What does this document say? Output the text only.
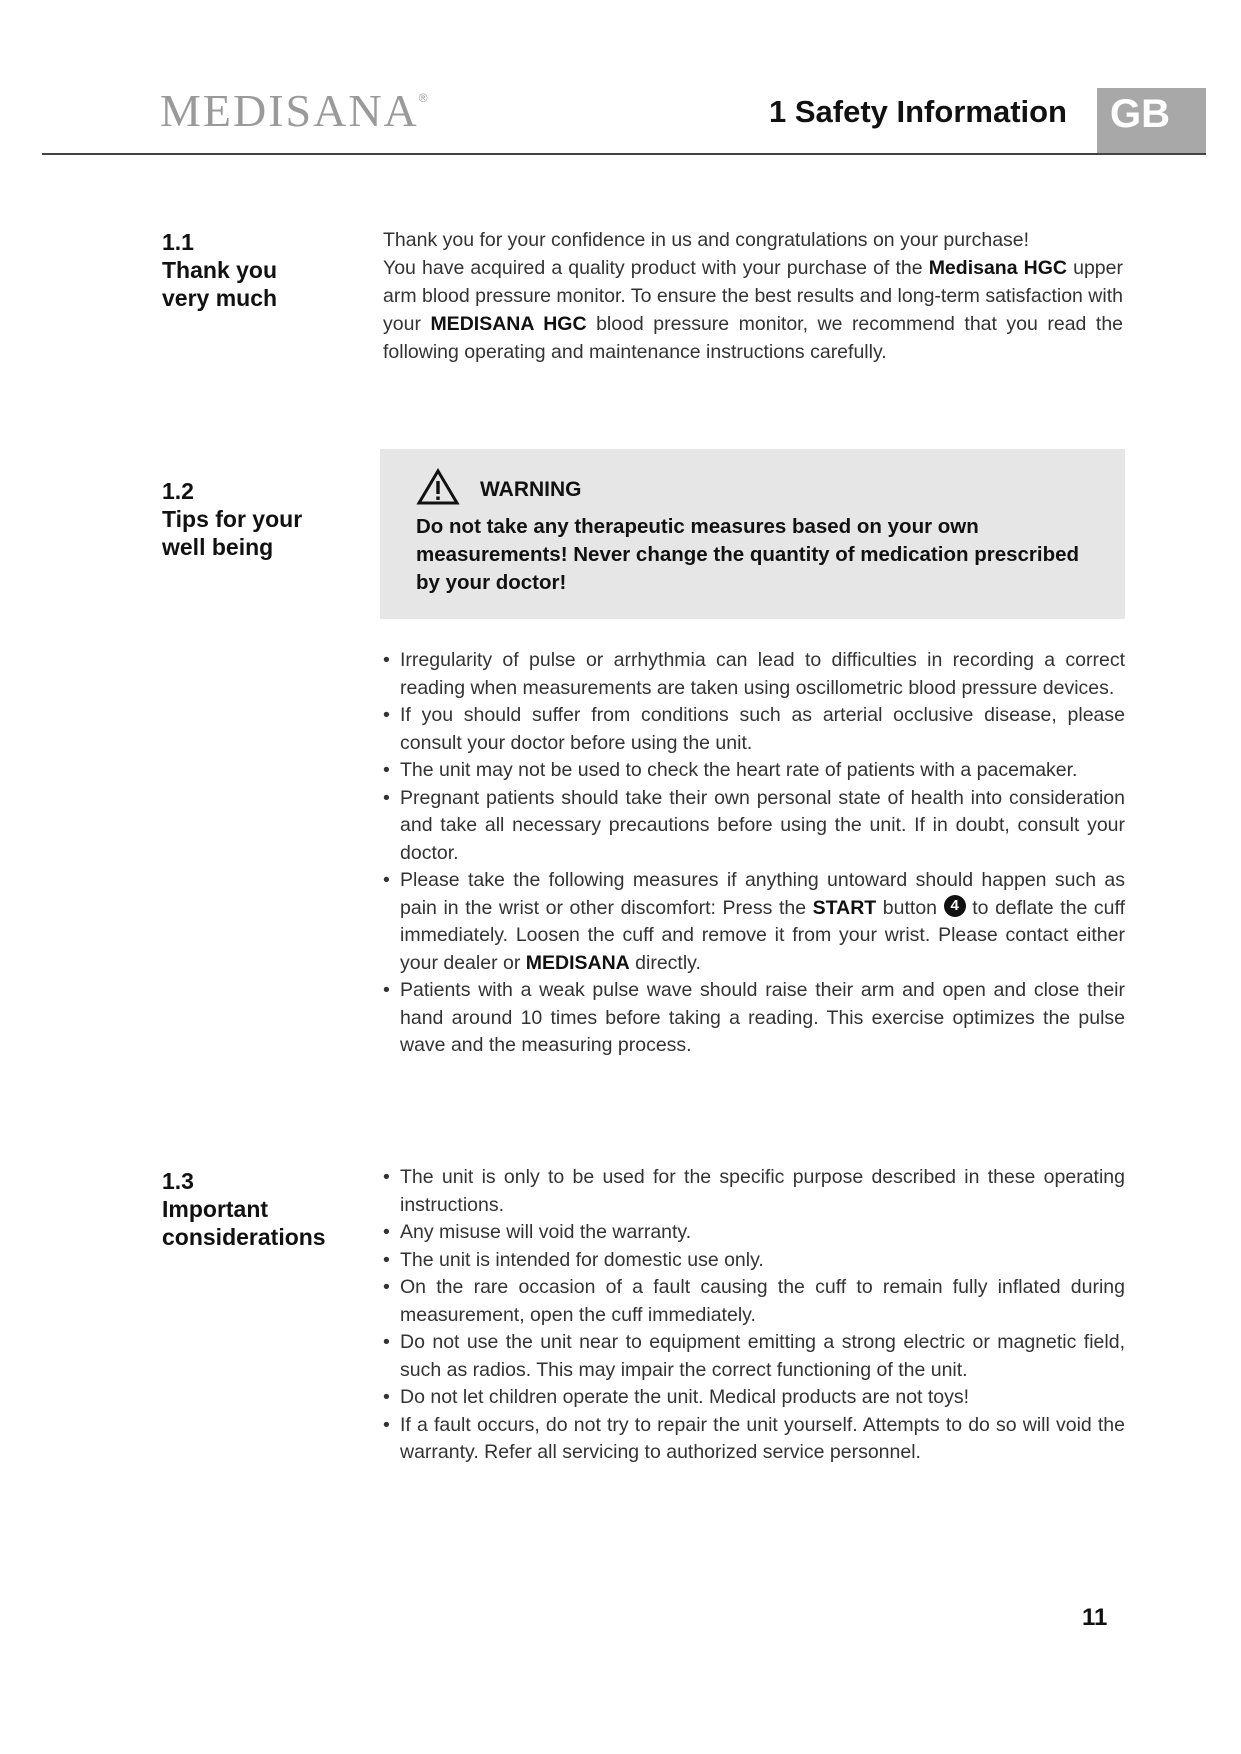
MEDISANA®	1 Safety Information	GB
1.1
Thank you
very much
Thank you for your confidence in us and congratulations on your purchase!
You have acquired a quality product with your purchase of the Medisana HGC upper arm blood pressure monitor. To ensure the best results and long-term satisfaction with your MEDISANA HGC blood pressure monitor, we recommend that you read the following operating and maintenance instructions carefully.
1.2
Tips for your
well being
WARNING
Do not take any therapeutic measures based on your own measurements! Never change the quantity of medication prescribed by your doctor!
• Irregularity of pulse or arrhythmia can lead to difficulties in recording a correct reading when measurements are taken using oscillometric blood pressure devices.
• If you should suffer from conditions such as arterial occlusive disease, please consult your doctor before using the unit.
• The unit may not be used to check the heart rate of patients with a pacemaker.
• Pregnant patients should take their own personal state of health into consideration and take all necessary precautions before using the unit. If in doubt, consult your doctor.
• Please take the following measures if anything untoward should happen such as pain in the wrist or other discomfort: Press the START button 4 to deflate the cuff immediately. Loosen the cuff and remove it from your wrist. Please contact either your dealer or MEDISANA directly.
• Patients with a weak pulse wave should raise their arm and open and close their hand around 10 times before taking a reading. This exercise optimizes the pulse wave and the measuring process.
1.3
Important
considerations
• The unit is only to be used for the specific purpose described in these operating instructions.
• Any misuse will void the warranty.
• The unit is intended for domestic use only.
• On the rare occasion of a fault causing the cuff to remain fully inflated during measurement, open the cuff immediately.
• Do not use the unit near to equipment emitting a strong electric or magnetic field, such as radios. This may impair the correct functioning of the unit.
• Do not let children operate the unit. Medical products are not toys!
• If a fault occurs, do not try to repair the unit yourself. Attempts to do so will void the warranty. Refer all servicing to authorized service personnel.
11
